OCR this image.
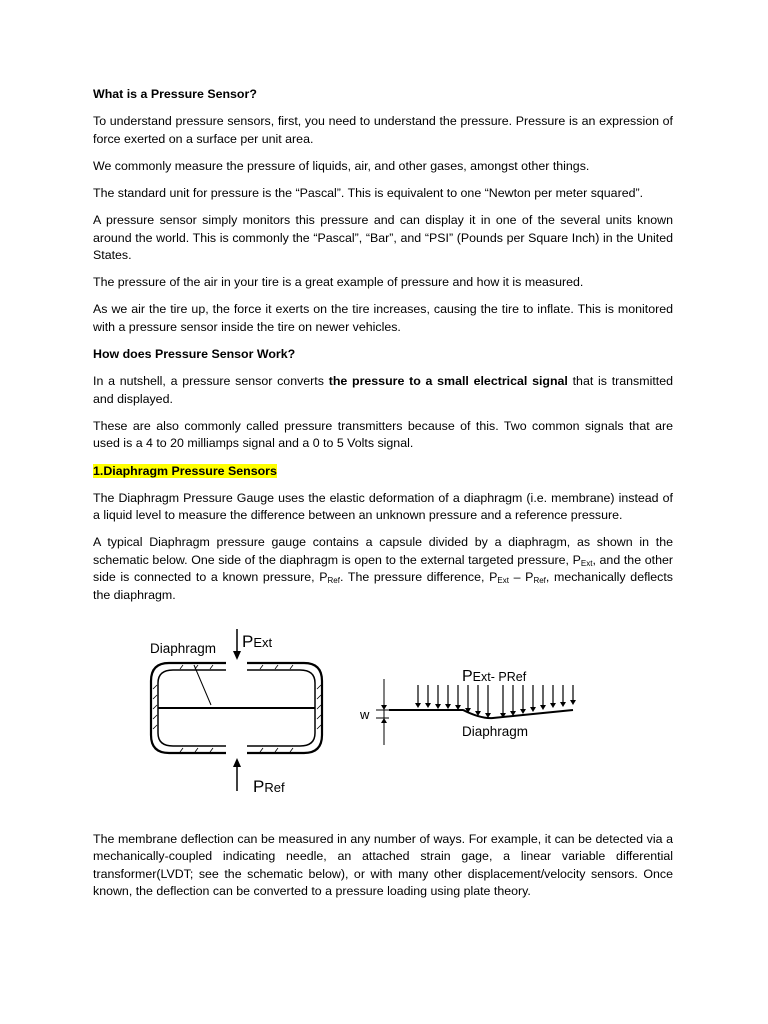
What is a Pressure Sensor?

To understand pressure sensors, first, you need to understand the pressure. Pressure is an expression of force exerted on a surface per unit area.

We commonly measure the pressure of liquids, air, and other gases, amongst other things.

The standard unit for pressure is the “Pascal”. This is equivalent to one “Newton per meter squared”.

A pressure sensor simply monitors this pressure and can display it in one of the several units known around the world. This is commonly the “Pascal”, “Bar”, and “PSI” (Pounds per Square Inch) in the United States.

The pressure of the air in your tire is a great example of pressure and how it is measured.

As we air the tire up, the force it exerts on the tire increases, causing the tire to inflate. This is monitored with a pressure sensor inside the tire on newer vehicles.

How does Pressure Sensor Work?

In a nutshell, a pressure sensor converts the pressure to a small electrical signal that is transmitted and displayed.

These are also commonly called pressure transmitters because of this. Two common signals that are used is a 4 to 20 milliamps signal and a 0 to 5 Volts signal.

1.Diaphragm Pressure Sensors

The Diaphragm Pressure Gauge uses the elastic deformation of a diaphragm (i.e. membrane) instead of a liquid level to measure the difference between an unknown pressure and a reference pressure.

A typical Diaphragm pressure gauge contains a capsule divided by a diaphragm, as shown in the schematic below. One side of the diaphragm is open to the external targeted pressure, $P_{Ext}$, and the other side is connected to a known pressure, $P_{Ref}$. The pressure difference, $P_{Ext} - P_{Ref}$, mechanically deflects the diaphragm.

Diaphragm PExt
PRef
PExt- PRef
w
Diaphragm

The membrane deflection can be measured in any number of ways. For example, it can be detected via a mechanically-coupled indicating needle, an attached strain gage, a linear variable differential transformer(LVDT; see the schematic below), or with many other displacement/velocity sensors. Once known, the deflection can be converted to a pressure loading using plate theory.
